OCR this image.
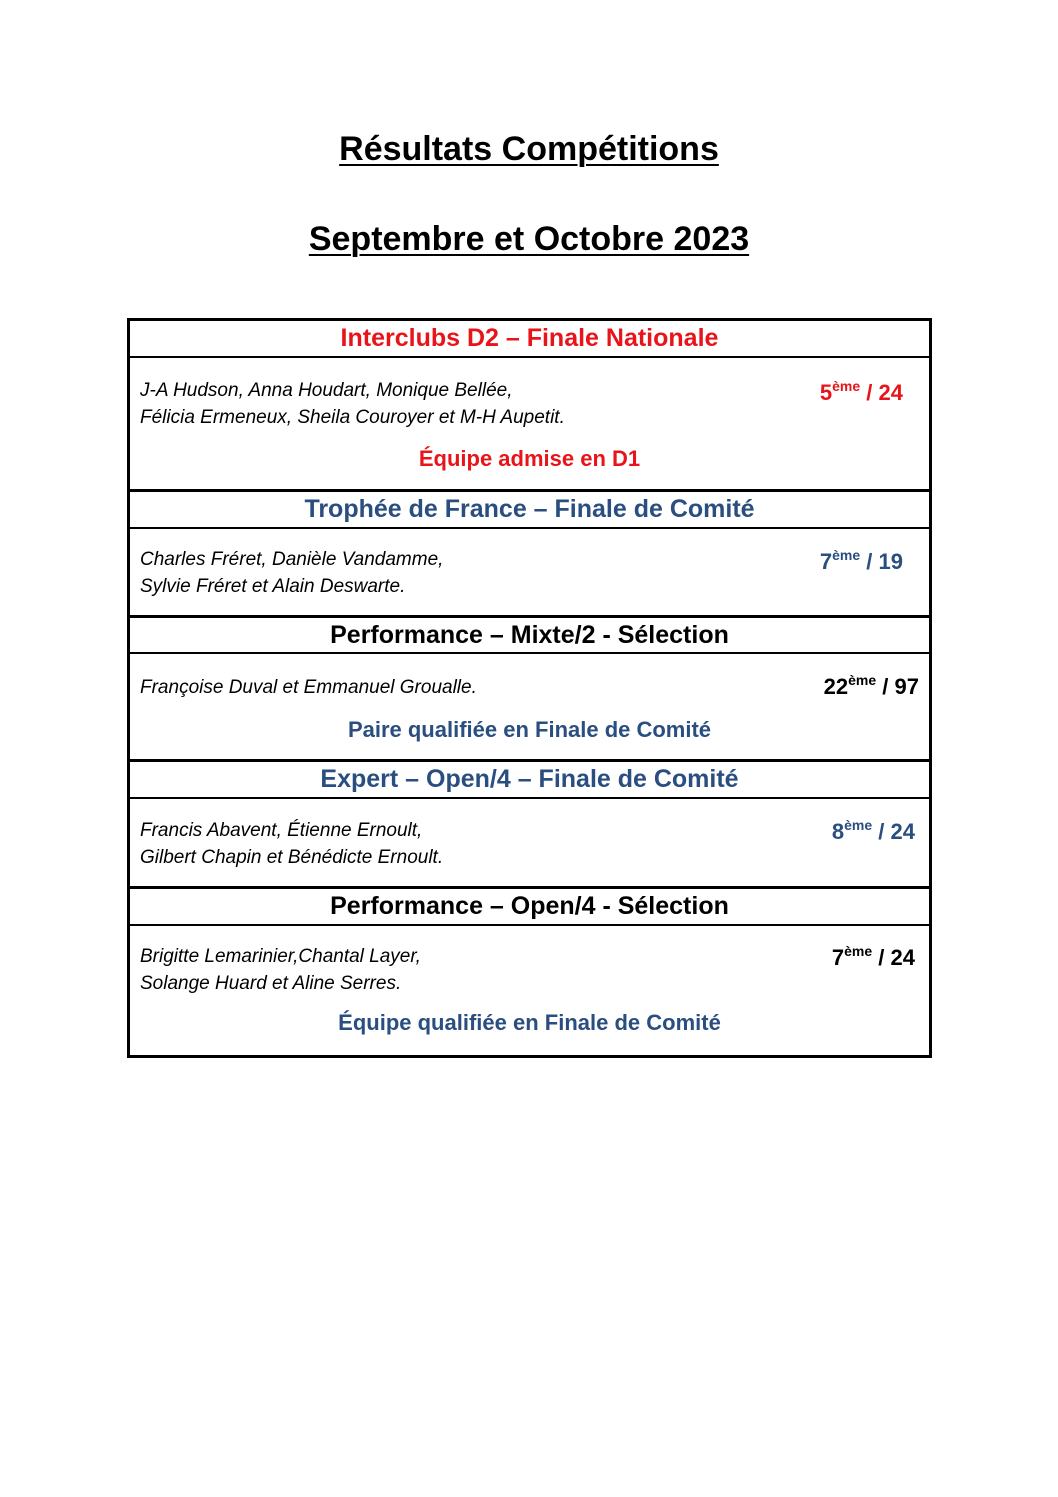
Résultats Compétitions
Septembre et Octobre 2023
Interclubs D2 – Finale Nationale
J-A Hudson, Anna Houdart, Monique Bellée,
Félicia Ermeneux, Sheila Couroyer et M-H Aupetit.
5ème / 24
Équipe admise en D1
Trophée de France – Finale de Comité
Charles Fréret, Danièle Vandamme,
Sylvie Fréret et Alain Deswarte.
7ème / 19
Performance – Mixte/2 - Sélection
Françoise Duval et Emmanuel Groualle.	22ème / 97
Paire qualifiée en Finale de Comité
Expert – Open/4 – Finale de Comité
Francis Abavent, Étienne Ernoult,
Gilbert Chapin et Bénédicte Ernoult.
8ème / 24
Performance – Open/4 - Sélection
Brigitte Lemarinier,Chantal Layer,
Solange Huard et Aline Serres.
7ème / 24
Équipe qualifiée en Finale de Comité
